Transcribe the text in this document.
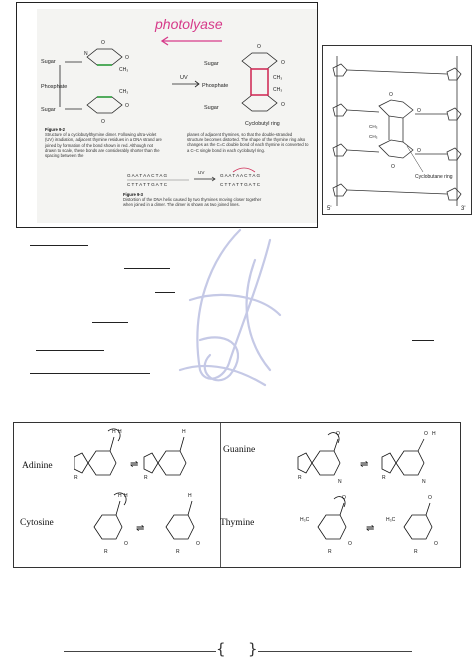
photolyase
Sugar
Phosphate
Sugar
O
O
N
CH₃
O
CH₃
O
UV
Sugar
Phosphate
Sugar
O
O
O
CH₃
CH₃
Cyclobutyl ring
G A A T A A C T A G
C T T A T T G A T C
UV
G A A T A A C T A G
C T T A T T G A T C
Figure 9-2
Structure of a cyclobutylthymine dimer. Following ultra-violet (UV) irradiation, adjacent thymine residues in a DNA strand are joined by formation of the bond shown in red. Although not drawn to scale, these bonds are considerably shorter than the spacing between the
planes of adjacent thymines, so that the double-stranded structure becomes distorted. The shape of the thymine ring also changes as the C=C double bond of each thymine is converted to a C–C single bond in each cyclobutyl ring.
Figure 9-3
Distortion of the DNA helix caused by two thymines moving closer together when joined in a dimer. The dimer is shown as two joined lines.
O
O
CH₃
CH₃
O
O
Cyclobutane ring
5'	3'
Adinine
Cytosine
Guanine
Thymine
⇌
⇌
H H	H
R	R
H H	H
R	R
O	O
⇌
⇌
O	O H
R	R
N	N
O	O
H₃C	H₃C
R	R
O	O
{ }
